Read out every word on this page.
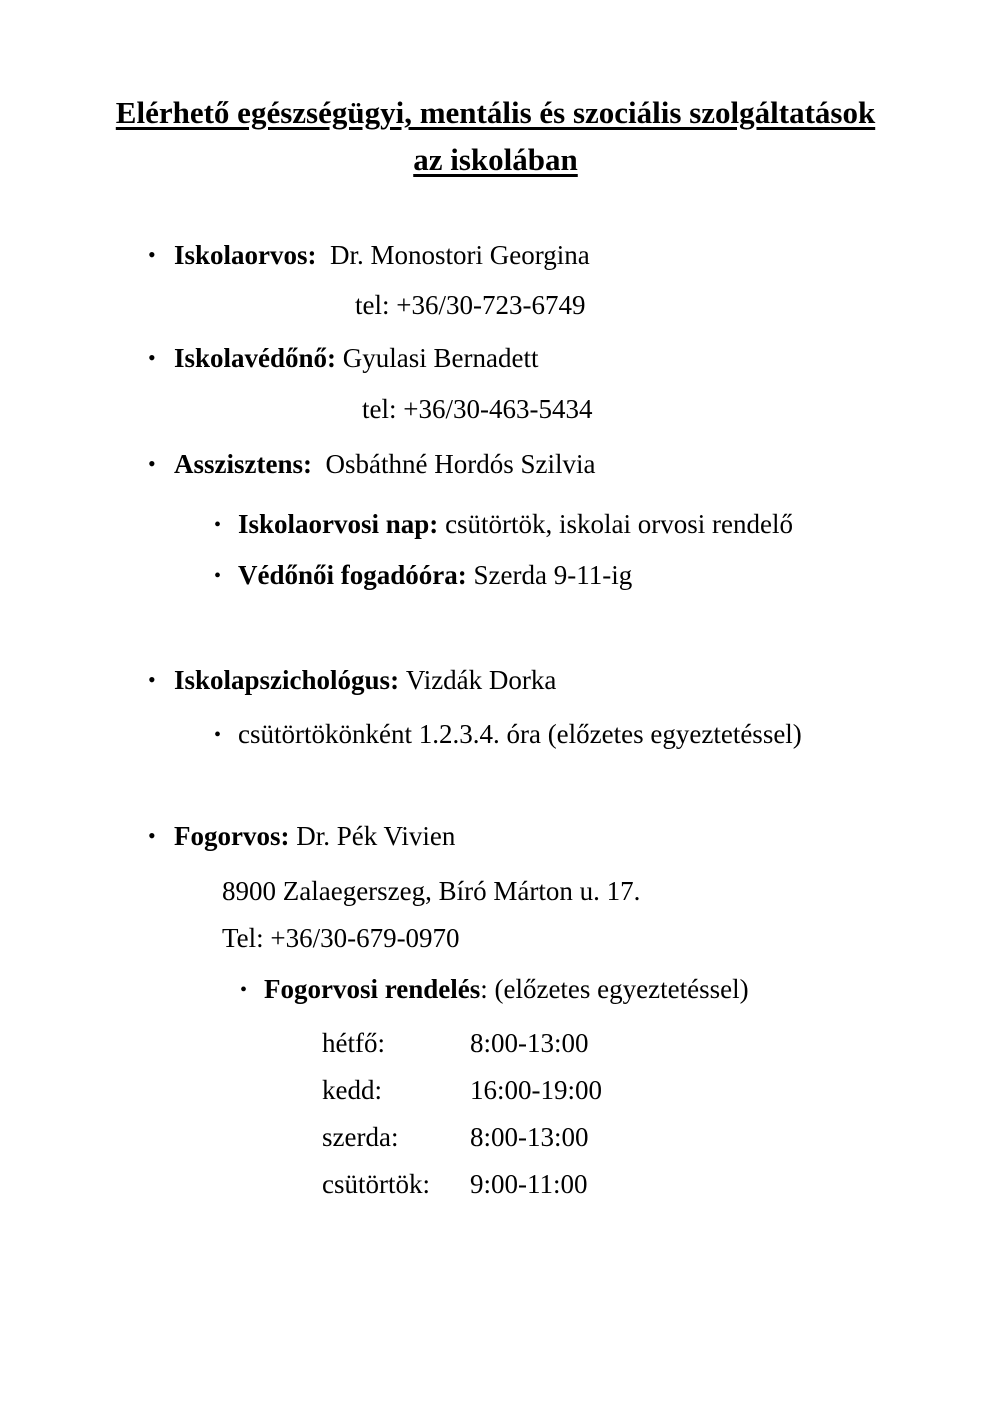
Elérhető egészségügyi, mentális és szociális szolgáltatások
az iskolában
• Iskolaorvos: Dr. Monostori Georgina
tel: +36/30-723-6749
• Iskolavédőnő: Gyulasi Bernadett
tel: +36/30-463-5434
• Asszisztens: Osbáthné Hordós Szilvia
• Iskolaorvosi nap: csütörtök, iskolai orvosi rendelő
• Védőnői fogadóóra: Szerda 9-11-ig
• Iskolapszichológus: Vizdák Dorka
• csütörtökönként 1.2.3.4. óra (előzetes egyeztetéssel)
• Fogorvos: Dr. Pék Vivien
8900 Zalaegerszeg, Bíró Márton u. 17.
Tel: +36/30-679-0970
• Fogorvosi rendelés: (előzetes egyeztetéssel)
hétfő:	8:00-13:00
kedd:	16:00-19:00
szerda:	8:00-13:00
csütörtök: 9:00-11:00
